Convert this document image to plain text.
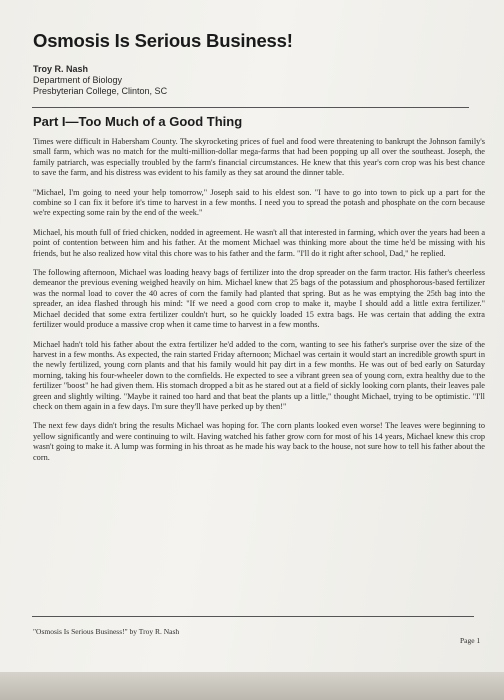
Osmosis Is Serious Business!
Troy R. Nash
Department of Biology
Presbyterian College, Clinton, SC
Part I—Too Much of a Good Thing

Times were difficult in Habersham County. The skyrocketing prices of fuel and food were threatening to bankrupt the Johnson family's small farm, which was no match for the multi-million-dollar mega-farms that had been popping up all over the southeast. Joseph, the family patriarch, was especially troubled by the farm's financial circumstances. He knew that this year's corn crop was his best chance to save the farm, and his distress was evident to his family as they sat around the dinner table.

"Michael, I'm going to need your help tomorrow," Joseph said to his eldest son. "I have to go into town to pick up a part for the combine so I can fix it before it's time to harvest in a few months. I need you to spread the potash and phosphate on the corn because we're expecting some rain by the end of the week."

Michael, his mouth full of fried chicken, nodded in agreement. He wasn't all that interested in farming, which over the years had been a point of contention between him and his father. At the moment Michael was thinking more about the time he'd be missing with his friends, but he also realized how vital this chore was to his father and the farm. "I'll do it right after school, Dad," he replied.

The following afternoon, Michael was loading heavy bags of fertilizer into the drop spreader on the farm tractor. His father's cheerless demeanor the previous evening weighed heavily on him. Michael knew that 25 bags of the potassium and phosphorous-based fertilizer was the normal load to cover the 40 acres of corn the family had planted that spring. But as he was emptying the 25th bag into the spreader, an idea flashed through his mind: "If we need a good corn crop to make it, maybe I should add a little extra fertilizer." Michael decided that some extra fertilizer couldn't hurt, so he quickly loaded 15 extra bags. He was certain that adding the extra fertilizer would produce a massive crop when it came time to harvest in a few months.

Michael hadn't told his father about the extra fertilizer he'd added to the corn, wanting to see his father's surprise over the size of the harvest in a few months. As expected, the rain started Friday afternoon; Michael was certain it would start an incredible growth spurt in the newly fertilized, young corn plants and that his family would hit pay dirt in a few months. He was out of bed early on Saturday morning, taking his four-wheeler down to the cornfields. He expected to see a vibrant green sea of young corn, extra healthy due to the fertilizer "boost" he had given them. His stomach dropped a bit as he stared out at a field of sickly looking corn plants, their leaves pale green and slightly wilting. "Maybe it rained too hard and that beat the plants up a little," thought Michael, trying to be optimistic. "I'll check on them again in a few days. I'm sure they'll have perked up by then!"

The next few days didn't bring the results Michael was hoping for. The corn plants looked even worse! The leaves were beginning to yellow significantly and were continuing to wilt. Having watched his father grow corn for most of his 14 years, Michael knew this crop wasn't going to make it. A lump was forming in his throat as he made his way back to the house, not sure how to tell his father about the corn.

"Osmosis Is Serious Business!" by Troy R. Nash
Page 1
